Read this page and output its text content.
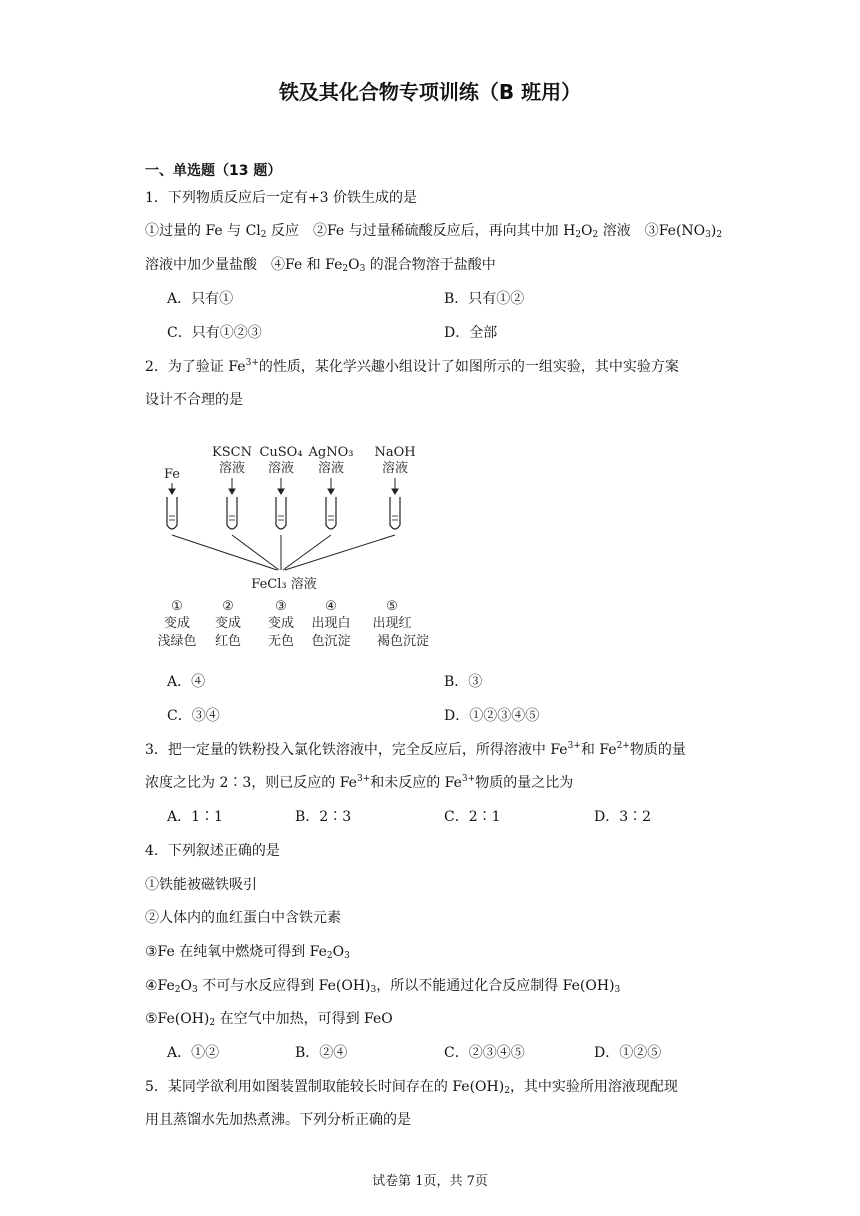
铁及其化合物专项训练（B 班用）
一、单选题（13 题）
1．下列物质反应后一定有+3 价铁生成的是
①过量的 Fe 与 $Cl_2$ 反应　②Fe 与过量稀硫酸反应后，再向其中加 $H_2O_2$ 溶液　$③Fe(NO_3)_2$
溶液中加少量盐酸　④Fe 和 $Fe_2O_3$ 的混合物溶于盐酸中
A．只有①	B．只有①②
C．只有①②③	D．全部
2．为了验证 $Fe^{3+}$的性质，某化学兴趣小组设计了如图所示的一组实验，其中实验方案
设计不合理的是
KSCN CuSO₄ AgNO₃ NaOH
Fe	溶液 溶液 溶液	溶液
FeCl₃ 溶液
①	②	③	④	⑤
变成 变成 变成 出现白 出现红
浅绿色 红色 无色 色沉淀 褐色沉淀
A．④	B．③
C．③④	D．①②③④⑤
3．把一定量的铁粉投入氯化铁溶液中，完全反应后，所得溶液中 $Fe^{3+}$和 $Fe^{2+}$物质的量
浓度之比为 2∶3，则已反应的 $Fe^{3+}$和未反应的 $Fe^{3+}$物质的量之比为
A．1∶1	B．2∶3	C．2∶1	D．3∶2
4．下列叙述正确的是
①铁能被磁铁吸引
②人体内的血红蛋白中含铁元素
③Fe 在纯氧中燃烧可得到 $Fe_2O_3$
$④Fe_2O_3$ 不可与水反应得到 $Fe(OH)_3$，所以不能通过化合反应制得 $Fe(OH)_3$
$⑤Fe(OH)_2$ 在空气中加热，可得到 FeO
A．①②	B．②④	C．②③④⑤	D．①②⑤
5．某同学欲利用如图装置制取能较长时间存在的 $Fe(OH)_2$，其中实验所用溶液现配现
用且蒸馏水先加热煮沸。下列分析正确的是
试卷第 1页，共 7页
